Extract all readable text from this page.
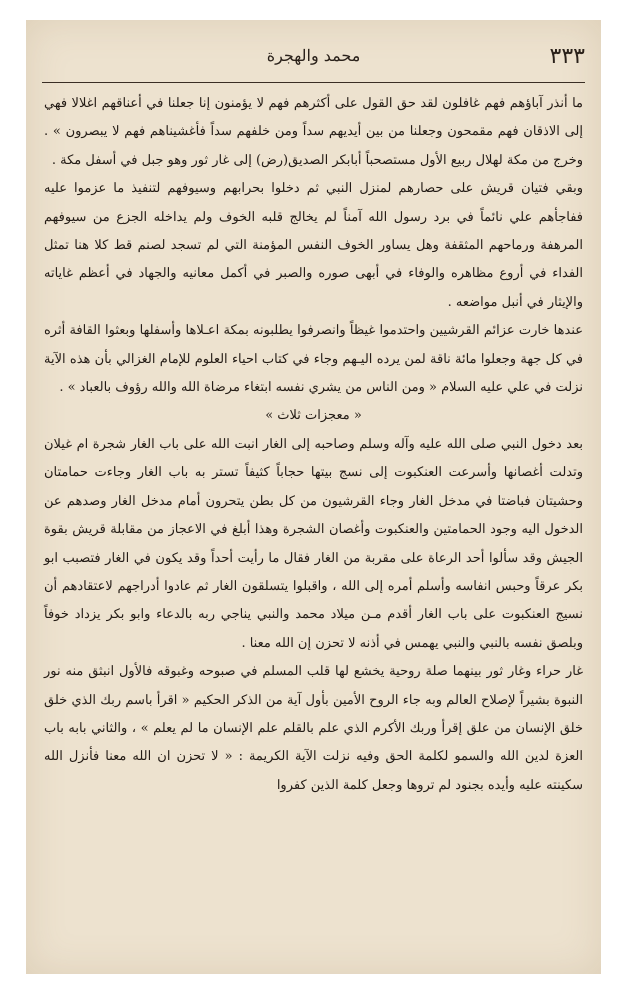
٣٣٣
محمد والهجرة

ما أنذر آباؤهم فهم غافلون لقد حق القول على أكثرهم فهم لا يؤمنون إنا جعلنا في أعناقهم اغلالا فهي إلى الاذقان فهم مقمحون وجعلنا من بين أيديهم سداً ومن خلفهم سداً فأغشيناهم فهم لا يبصرون » . وخرج من مكة لهلال ربيع الأول مستصحباً أبابكر الصديق(رض) إلى غار ثور وهو جبل في أسفل مكة .

وبقي فتيان قريش على حصارهم لمنزل النبي ثم دخلوا بحرابهم وسيوفهم لتنفيذ ما عزموا عليه ففاجأهم علي نائماً في برد رسول الله آمناً لم يخالج قلبه الخوف ولم يداخله الجزع من سيوفهم المرهفة ورماحهم المثقفة وهل يساور الخوف النفس المؤمنة التي لم تسجد لصنم قط كلا هنا تمثل الفداء في أروع مظاهره والوفاء في أبهى صوره والصبر في أكمل معانيه والجهاد في أعظم غاياته والإيثار في أنبل مواضعه .

عندها خارت عزائم القرشيين واحتدموا غيظاً وانصرفوا يطلبونه بمكة اعـلاها وأسفلها وبعثوا القافة أثره في كل جهة وجعلوا مائة ناقة لمن يرده اليـهم وجاء في كتاب احياء العلوم للإمام الغزالي بأن هذه الآية نزلت في علي عليه السلام « ومن الناس من يشري نفسه ابتغاء مرضاة الله والله رؤوف بالعباد » .

« معجزات ثلاث »

بعد دخول النبي صلى الله عليه وآله وسلم وصاحبه إلى الغار انبت الله على باب الغار شجرة ام غيلان وتدلت أغصانها وأسرعت العنكبوت إلى نسج بيتها حجاباً كثيفاً تستر به باب الغار وجاءت حمامتان وحشيتان فباضتا في مدخل الغار وجاء القرشيون من كل بطن يتحرون أمام مدخل الغار وصدهم عن الدخول اليه وجود الحمامتين والعنكبوت وأغصان الشجرة وهذا أبلغ في الاعجاز من مقابلة قريش بقوة الجيش وقد سألوا أحد الرعاة على مقربة من الغار فقال ما رأيت أحداً وقد يكون في الغار فتصبب ابو بكر عرقاً وحبس انفاسه وأسلم أمره إلى الله ، واقبلوا يتسلقون الغار ثم عادوا أدراجهم لاعتقادهم أن نسيج العنكبوت على باب الغار أقدم مـن ميلاد محمد والنبي يناجي ربه بالدعاء وابو بكر يزداد خوفاً وبلصق نفسه بالنبي والنبي يهمس في أذنه لا تحزن إن الله معنا .

غار حراء وغار ثور بينهما صلة روحية يخشع لها قلب المسلم في صبوحه وغبوقه فالأول انبثق منه نور النبوة بشيراً لإصلاح العالم وبه جاء الروح الأمين بأول آية من الذكر الحكيم « اقرأ باسم ربك الذي خلق خلق الإنسان من علق إقرأ وربك الأكرم الذي علم بالقلم علم الإنسان ما لم يعلم » ، والثاني بابه باب العزة لدين الله والسمو لكلمة الحق وفيه نزلت الآية الكريمة : « لا تحزن ان الله معنا فأنزل الله سكينته عليه وأيده بجنود لم تروها وجعل كلمة الذين كفروا
